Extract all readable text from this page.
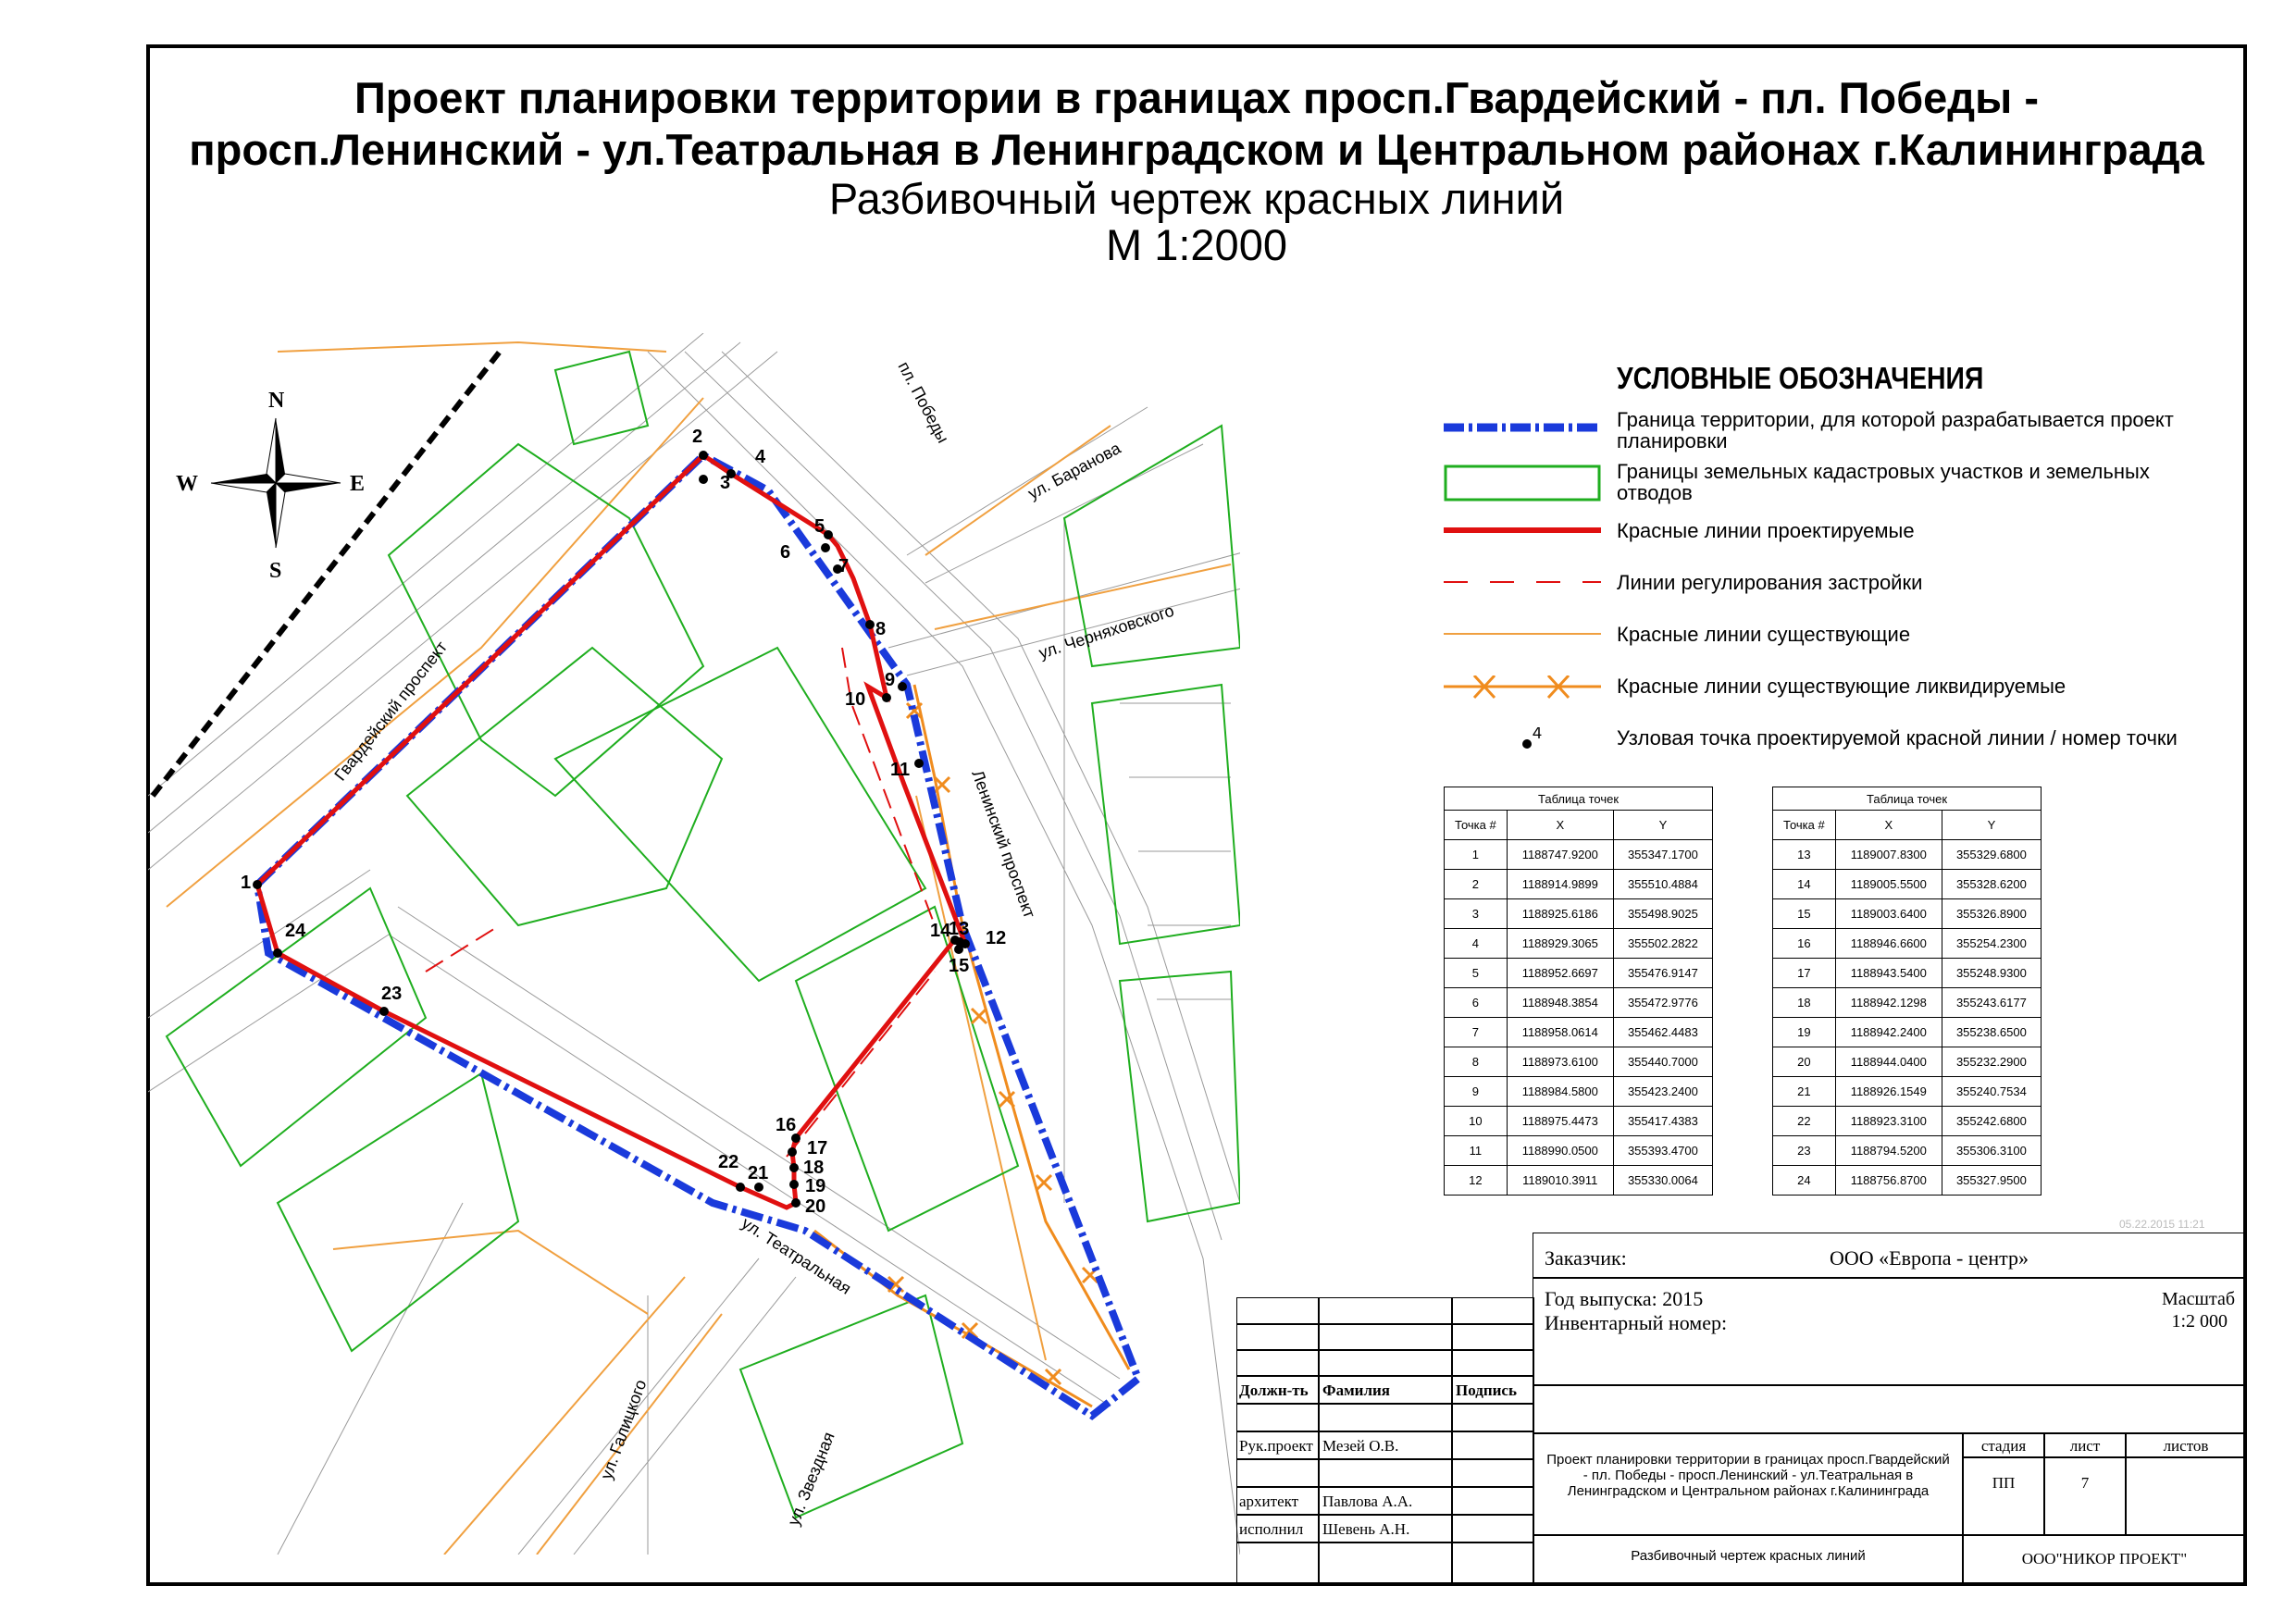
Проект планировки территории в границах просп.Гвардейский - пл. Победы -
просп.Ленинский - ул.Театральная в Ленинградском и Центральном районах г.Калининграда
Разбивочный чертеж красных линий
М 1:2000
1
2
3
4
5
6
7
8
9
10
11
12
13
14
15
16
17
18
19
20
21
22
23
24
Гвардейский проспект
пл. Победы
ул. Баранова
ул. Черняховского
Ленинский проспект
ул. Театральная
ул. Галицкого	ул. Звездная
N
S
E
W
УСЛОВНЫЕ ОБОЗНАЧЕНИЯ
Граница территории, для которой разрабатывается проект планировки
Границы земельных кадастровых участков и земельных отводов
Красные линии проектируемые
Линии регулирования застройки
Красные линии существующие
Красные линии существующие ликвидируемые
4	Узловая точка проектируемой красной линии / номер точки
Таблица точек		
Точка #	X	Y
1	1188747.9200	355347.1700
2	1188914.9899	355510.4884
3	1188925.6186	355498.9025
4	1188929.3065	355502.2822
5	1188952.6697	355476.9147
6	1188948.3854	355472.9776
7	1188958.0614	355462.4483
8	1188973.6100	355440.7000
9	1188984.5800	355423.2400
10	1188975.4473	355417.4383
11	1188990.0500	355393.4700
12	1189010.3911	355330.0064
Таблица точек		
Точка #	X	Y
13	1189007.8300	355329.6800
14	1189005.5500	355328.6200
15	1189003.6400	355326.8900
16	1188946.6600	355254.2300
17	1188943.5400	355248.9300
18	1188942.1298	355243.6177
19	1188942.2400	355238.6500
20	1188944.0400	355232.2900
21	1188926.1549	355240.7534
22	1188923.3100	355242.6800
23	1188794.5200	355306.3100
24	1188756.8700	355327.9500
05.22.2015 11:21
Заказчик:	ООО «Европа - центр»
Год выпуска: 2015
Инвентарный номер:
Масштаб
1:2 000
Должн-ть Фамилия	Подпись
Рук.проект Мезей О.В.
архитект Павлова А.А.
исполнил Шевень А.Н.
Проект планировки территории в границах просп.Гвардейский - пл. Победы - просп.Ленинский - ул.Театральная в Ленинградском и Центральном районах г.Калининграда
стадия	лист	листов
ПП	7
Разбивочный чертеж красных линий	ООО"НИКОР ПРОЕКТ"
